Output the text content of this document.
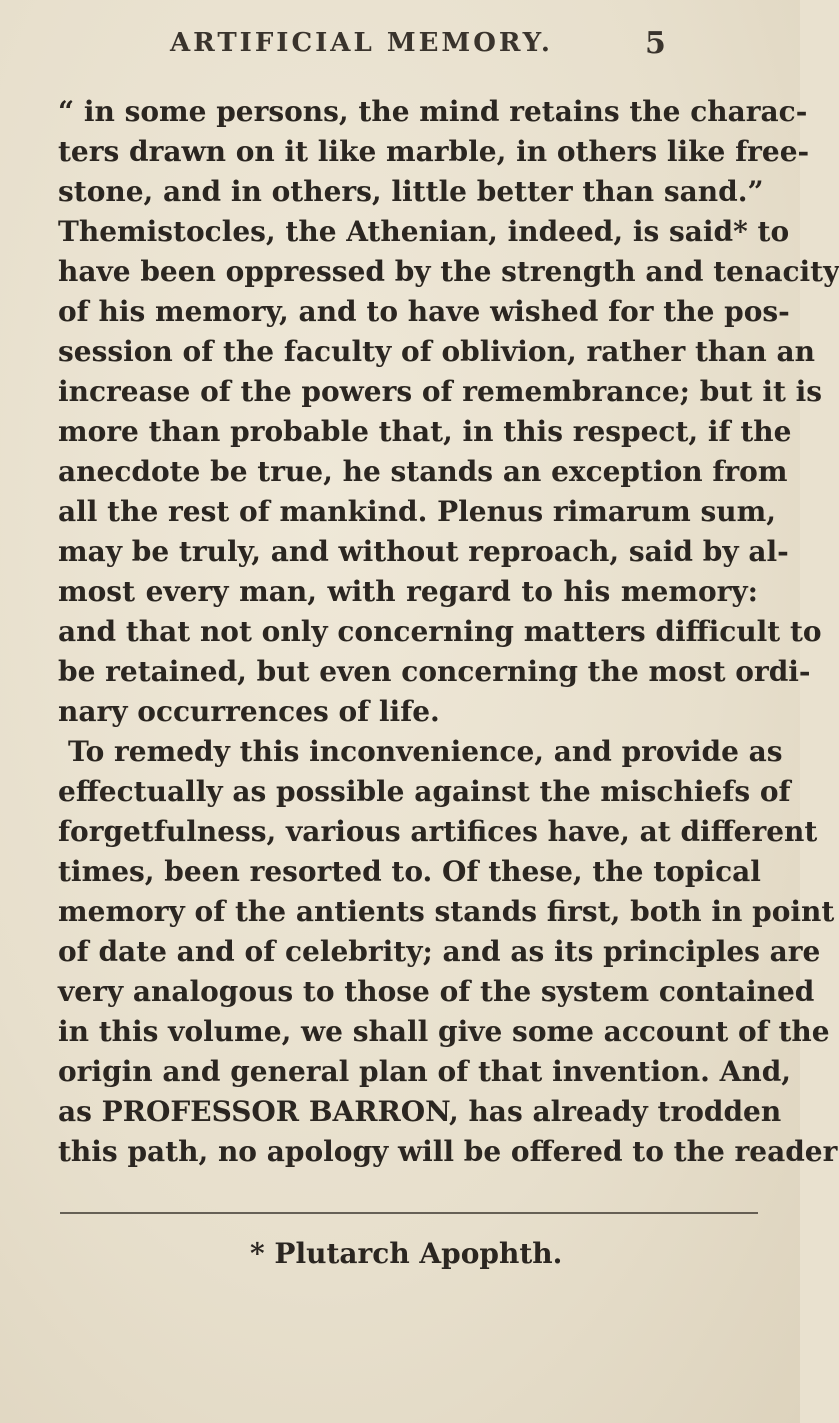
ARTIFICIAL MEMORY.	5
“ in some persons, the mind retains the charac-
ters drawn on it like marble, in others like free-
stone, and in others, little better than sand.”
Themistocles, the Athenian, indeed, is said* to
have been oppressed by the strength and tenacity
of his memory, and to have wished for the pos-
session of the faculty of oblivion, rather than an
increase of the powers of remembrance; but it is
more than probable that, in this respect, if the
anecdote be true, he stands an exception from
all the rest of mankind. Plenus rimarum sum,
may be truly, and without reproach, said by al-
most every man, with regard to his memory:
and that not only concerning matters difficult to
be retained, but even concerning the most ordi-
nary occurrences of life.
To remedy this inconvenience, and provide as
effectually as possible against the mischiefs of
forgetfulness, various artifices have, at different
times, been resorted to. Of these, the topical
memory of the antients stands first, both in point
of date and of celebrity; and as its principles are
very analogous to those of the system contained
in this volume, we shall give some account of the
origin and general plan of that invention. And,
as PROFESSOR BARRON, has already trodden
this path, no apology will be offered to the reader
* Plutarch Apophth.
